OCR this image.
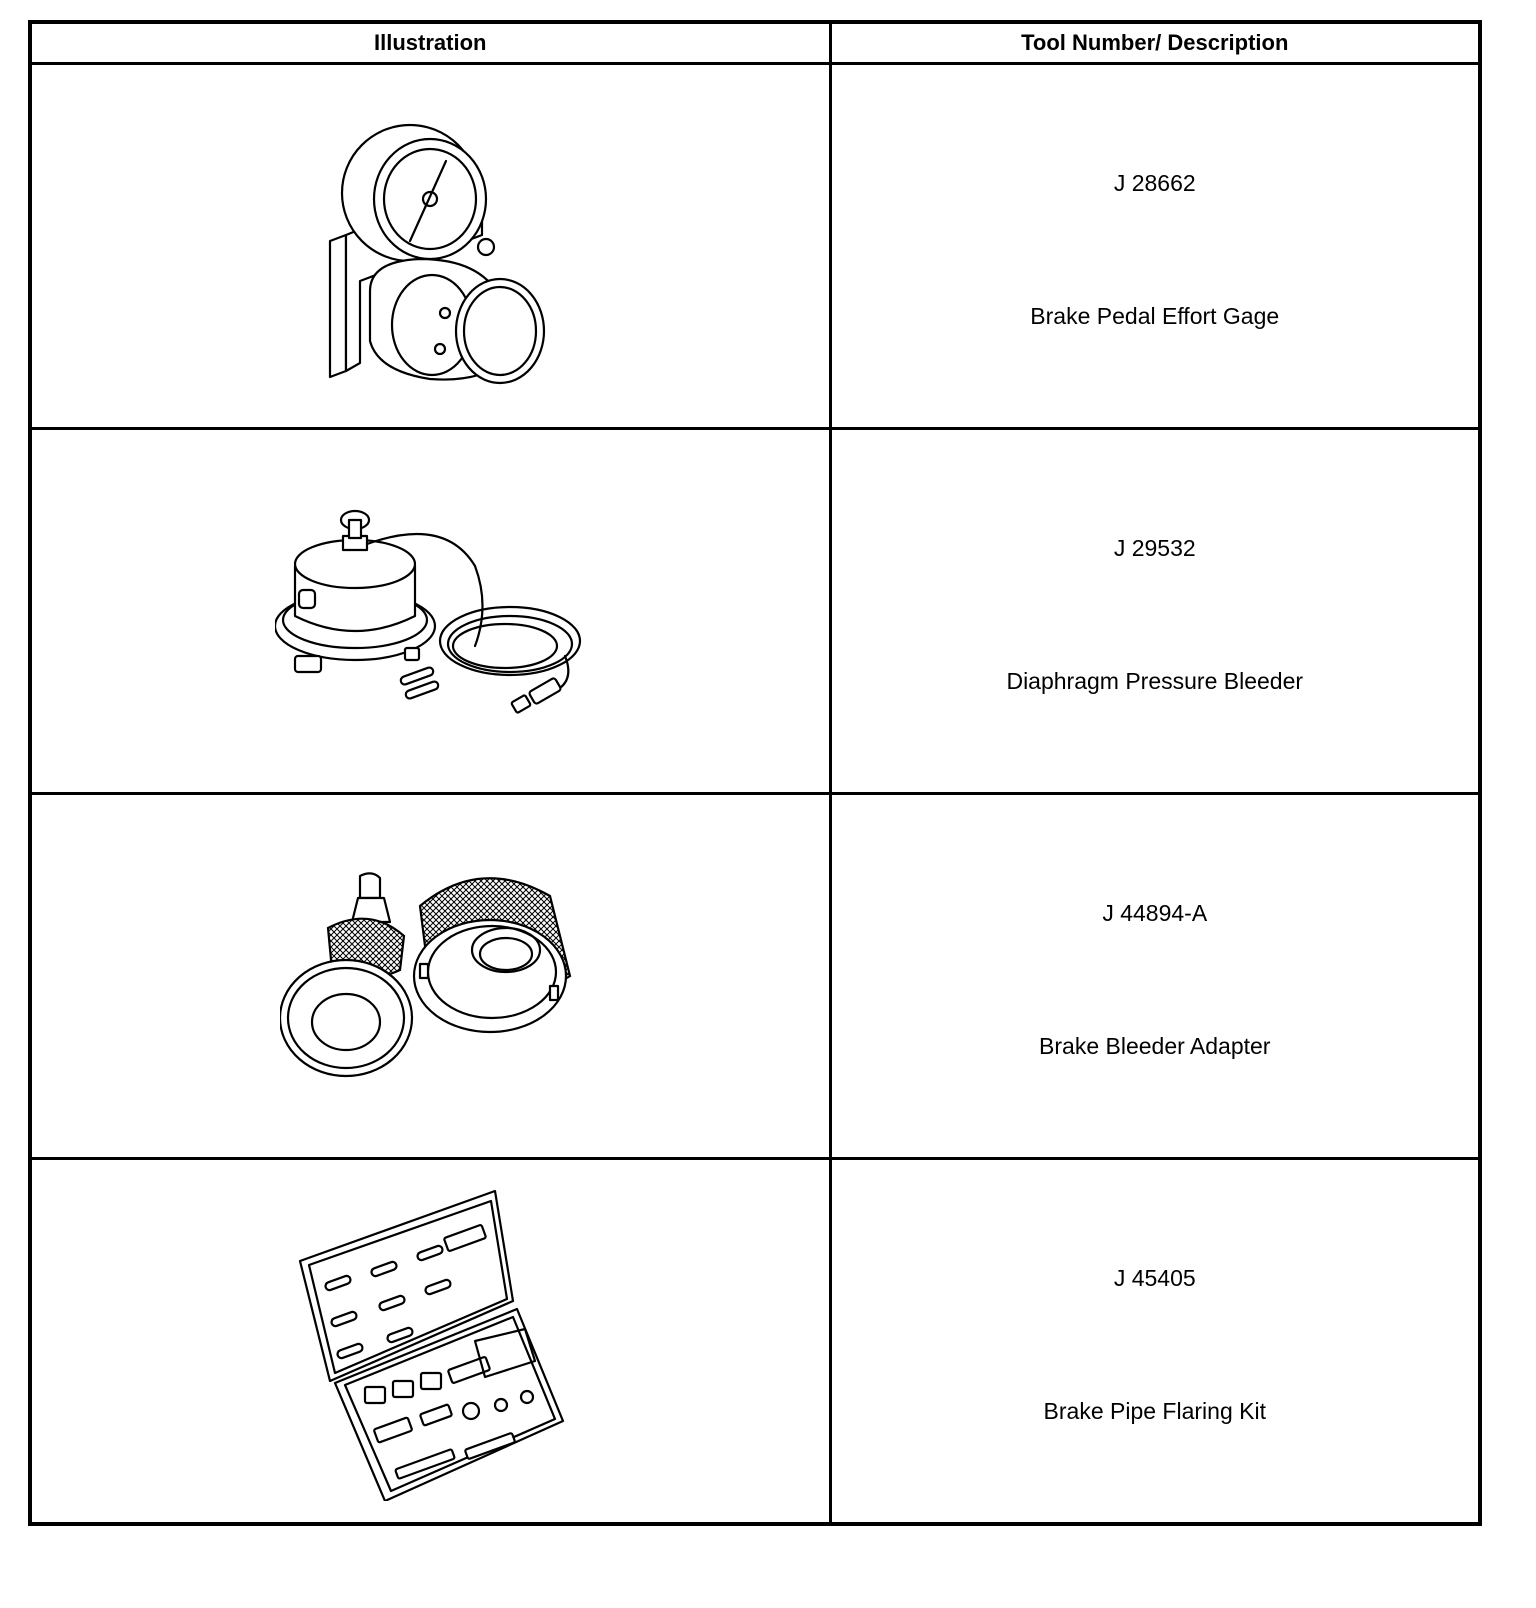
Illustration	Tool Number/ Description

J 28662
Brake Pedal Effort Gage

J 29532
Diaphragm Pressure Bleeder

J 44894-A
Brake Bleeder Adapter

J 45405
Brake Pipe Flaring Kit
